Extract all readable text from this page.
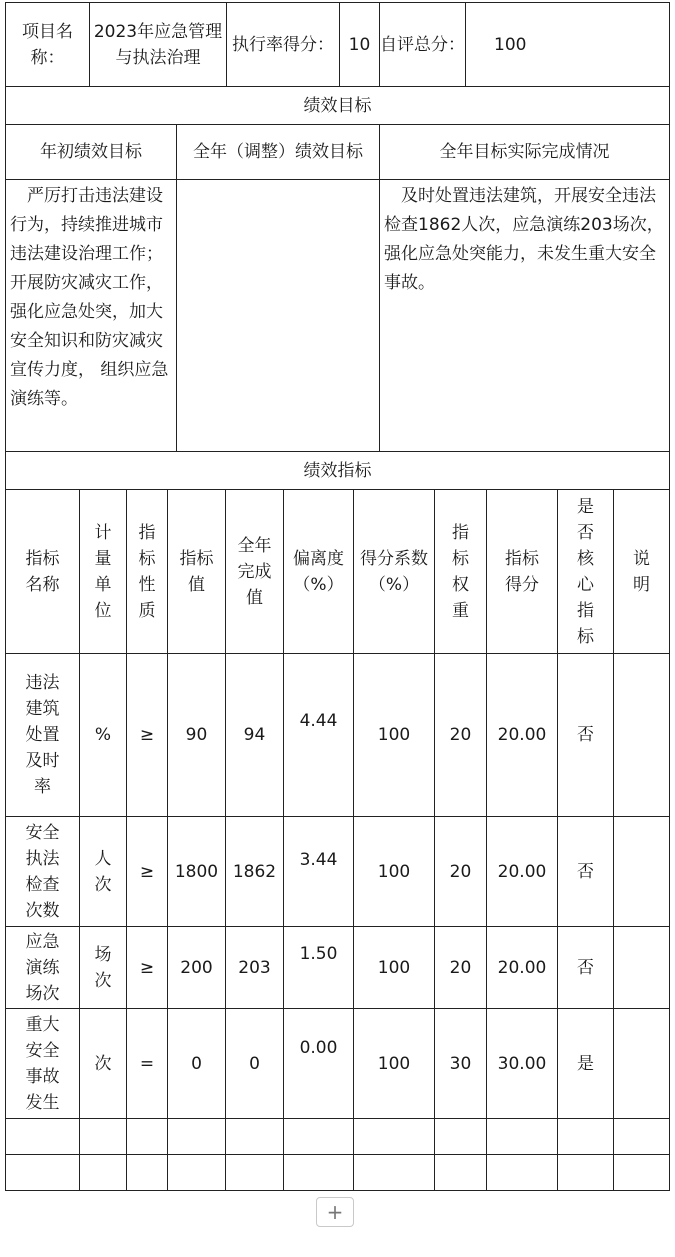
项目名称：	2023年应急管理与执法治理	执行率得分：	10	自评总分：	100
绩效目标		
年初绩效目标	全年（调整）绩效目标	全年目标实际完成情况

严厉打击违法建设行为，持续推进城市违法建设治理工作；开展防灾减灾工作，强化应急处突，加大安全知识和防灾减灾宣传力度， 组织应急演练等。		及时处置违法建筑，开展安全违法检查1862人次，应急演练203场次，强化应急处突能力，未发生重大安全事故。

绩效指标		
指标名称	计量单位	指标性质	指标值	全年完成值	偏离度（%）	得分系数（%）	指标权重	指标得分	是否核心指标	说明
违法建筑处置及时率	%	≥	90	94	4.44	100	20	20.00	否	
安全执法检查次数	人次	≥	1800	1862	3.44	100	20	20.00	否	
应急演练场次	场次	≥	200	203	1.50	100	20	20.00	否	
重大安全事故发生	次	=	0	0	0.00	100	30	30.00	是	

+
